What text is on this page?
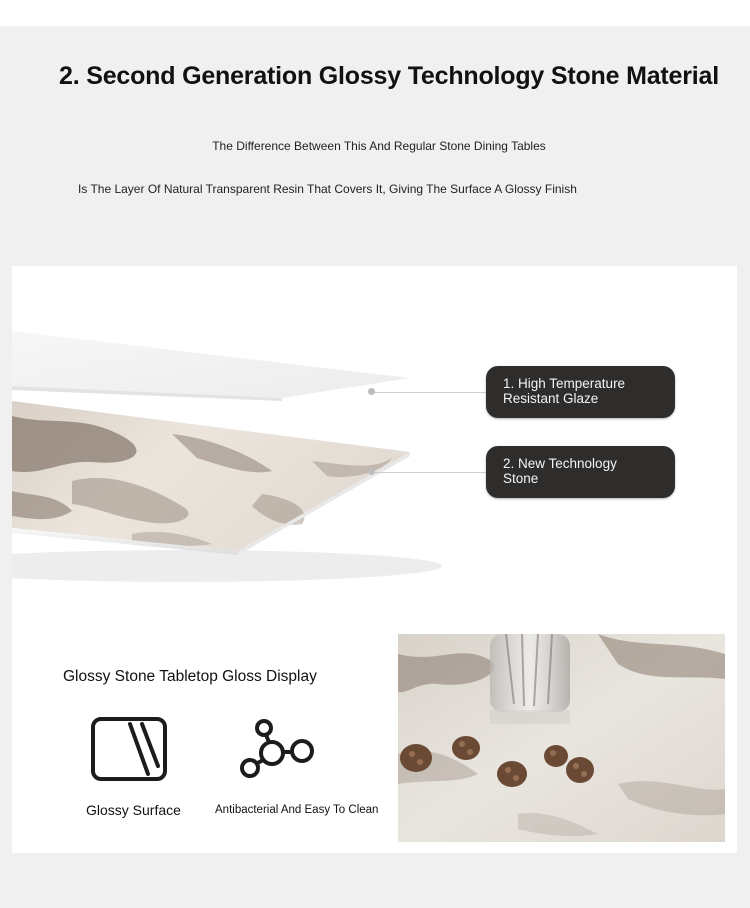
2. Second Generation Glossy Technology Stone Material
The Difference Between This And Regular Stone Dining Tables
Is The Layer Of Natural Transparent Resin That Covers It, Giving The Surface A Glossy Finish
1. High Temperature
Resistant Glaze
2. New Technology
Stone
Glossy Stone Tabletop Gloss Display
Glossy Surface	Antibacterial And Easy To Clean
